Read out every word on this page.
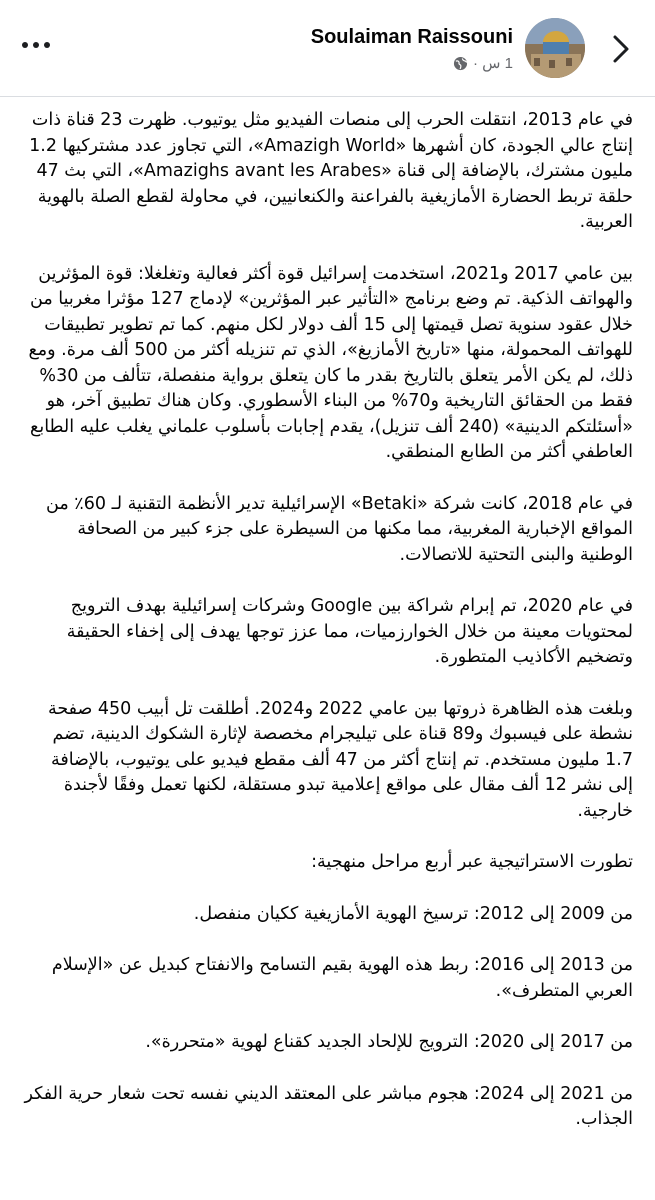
Soulaiman Raissouni
1 س ·

في عام 2013، انتقلت الحرب إلى منصات الفيديو مثل يوتيوب. ظهرت 23 قناة ذات إنتاج عالي الجودة، كان أشهرها «Amazigh World»، التي تجاوز عدد مشتركيها 1.2 مليون مشترك، بالإضافة إلى قناة «Amazighs avant les Arabes»، التي بث 47 حلقة تربط الحضارة الأمازيغية بالفراعنة والكنعانيين، في محاولة لقطع الصلة بالهوية العربية.

بين عامي 2017 و2021، استخدمت إسرائيل قوة أكثر فعالية وتغلغلا: قوة المؤثرين والهواتف الذكية. تم وضع برنامج «التأثير عبر المؤثرين» لإدماج 127 مؤثرا مغربيا من خلال عقود سنوية تصل قيمتها إلى 15 ألف دولار لكل منهم. كما تم تطوير تطبيقات للهواتف المحمولة، منها «تاريخ الأمازيغ»، الذي تم تنزيله أكثر من 500 ألف مرة. ومع ذلك، لم يكن الأمر يتعلق بالتاريخ بقدر ما كان يتعلق برواية منفصلة، تتألف من 30% فقط من الحقائق التاريخية و70% من البناء الأسطوري. وكان هناك تطبيق آخر، هو «أسئلتكم الدينية» (240 ألف تنزيل)، يقدم إجابات بأسلوب علماني يغلب عليه الطابع العاطفي أكثر من الطابع المنطقي.

في عام 2018، كانت شركة «Betaki» الإسرائيلية تدير الأنظمة التقنية لـ 60٪ من المواقع الإخبارية المغربية، مما مكنها من السيطرة على جزء كبير من الصحافة الوطنية والبنى التحتية للاتصالات.

في عام 2020، تم إبرام شراكة بين Google وشركات إسرائيلية بهدف الترويج لمحتويات معينة من خلال الخوارزميات، مما عزز توجها يهدف إلى إخفاء الحقيقة وتضخيم الأكاذيب المتطورة.

وبلغت هذه الظاهرة ذروتها بين عامي 2022 و2024. أطلقت تل أبيب 450 صفحة نشطة على فيسبوك و89 قناة على تيليجرام مخصصة لإثارة الشكوك الدينية، تضم 1.7 مليون مستخدم. تم إنتاج أكثر من 47 ألف مقطع فيديو على يوتيوب، بالإضافة إلى نشر 12 ألف مقال على مواقع إعلامية تبدو مستقلة، لكنها تعمل وفقًا لأجندة خارجية.

تطورت الاستراتيجية عبر أربع مراحل منهجية:

من 2009 إلى 2012: ترسيخ الهوية الأمازيغية ككيان منفصل.

من 2013 إلى 2016: ربط هذه الهوية بقيم التسامح والانفتاح كبديل عن «الإسلام العربي المتطرف».

من 2017 إلى 2020: الترويج للإلحاد الجديد كقناع لهوية «متحررة».

من 2021 إلى 2024: هجوم مباشر على المعتقد الديني نفسه تحت شعار حرية الفكر الجذاب.
